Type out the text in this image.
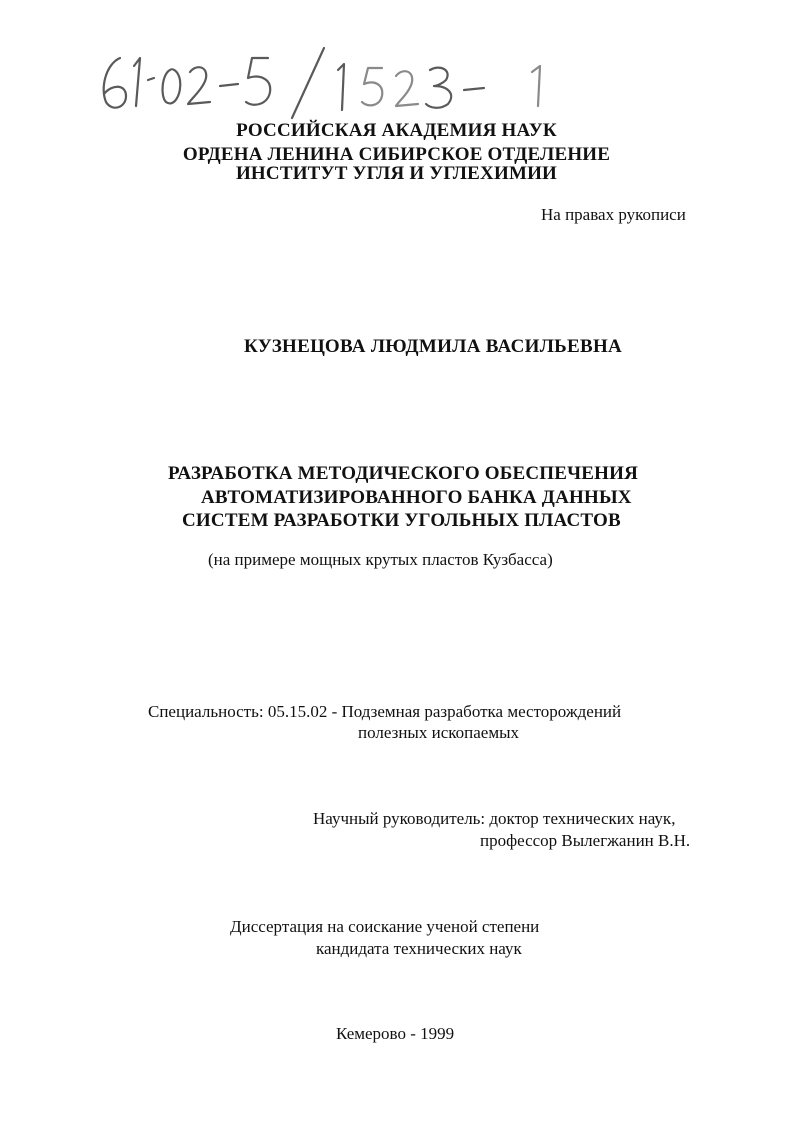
РОССИЙСКАЯ АКАДЕМИЯ НАУК
ОРДЕНА ЛЕНИНА СИБИРСКОЕ ОТДЕЛЕНИЕ
ИНСТИТУТ УГЛЯ И УГЛЕХИМИИ
На правах рукописи
КУЗНЕЦОВА ЛЮДМИЛА ВАСИЛЬЕВНА
РАЗРАБОТКА МЕТОДИЧЕСКОГО ОБЕСПЕЧЕНИЯ
АВТОМАТИЗИРОВАННОГО БАНКА ДАННЫХ
СИСТЕМ РАЗРАБОТКИ УГОЛЬНЫХ ПЛАСТОВ
(на примере мощных крутых пластов Кузбасса)
Специальность: 05.15.02 - Подземная разработка месторождений
полезных ископаемых
Научный руководитель: доктор технических наук,
профессор Вылегжанин В.Н.
Диссертация на соискание ученой степени
кандидата технических наук
Кемерово - 1999
